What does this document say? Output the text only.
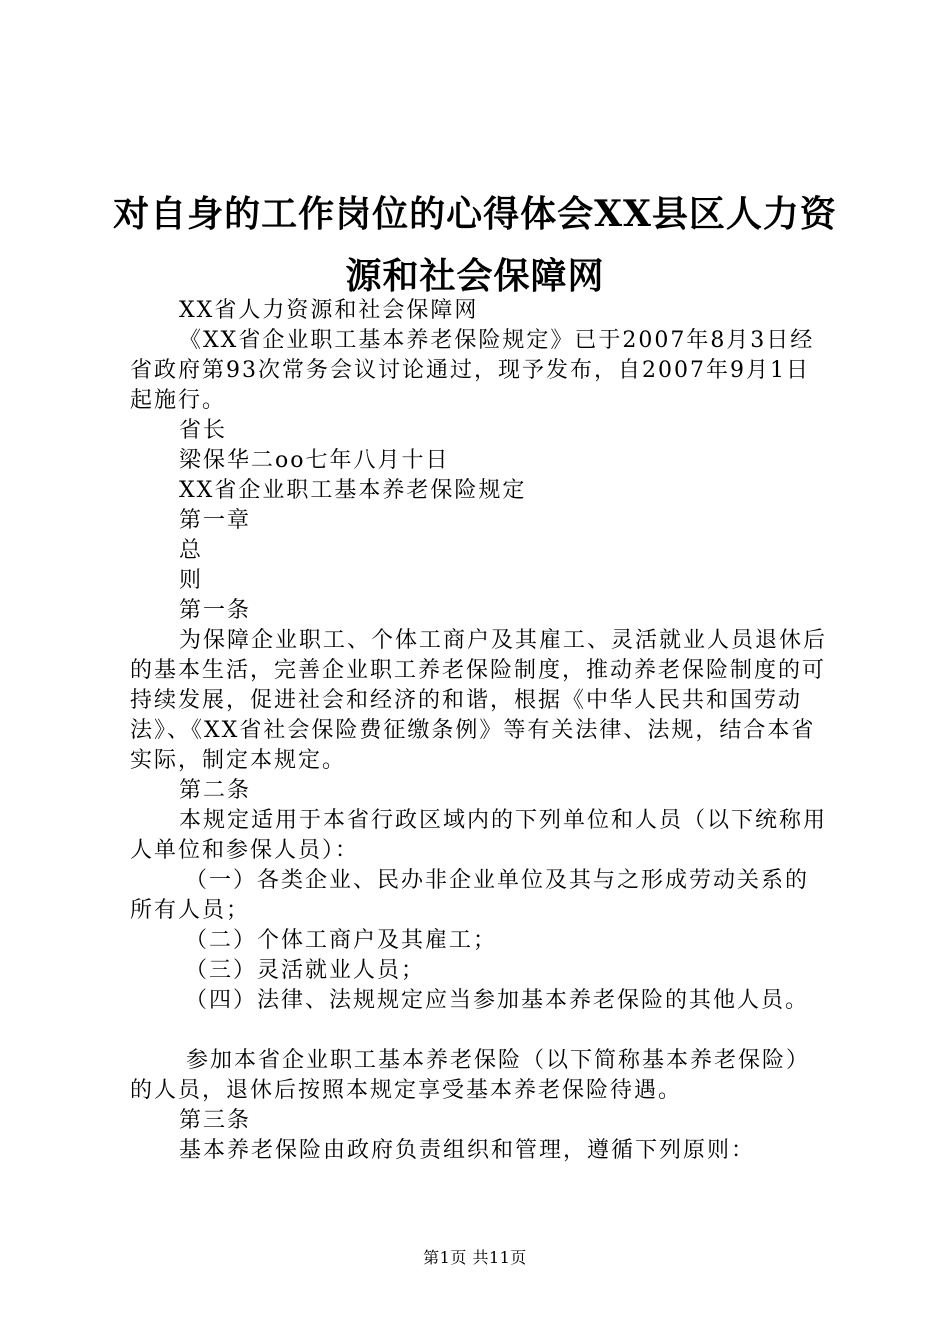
对自身的工作岗位的心得体会XX县区人力资
源和社会保障网

XX省人力资源和社会保障网

《XX省企业职工基本养老保险规定》已于2007年8月3日经省政府第93次常务会议讨论通过，现予发布，自2007年9月1日起施行。

省长

梁保华二oo七年八月十日

XX省企业职工基本养老保险规定

第一章

总

则

第一条

为保障企业职工、个体工商户及其雇工、灵活就业人员退休后的基本生活，完善企业职工养老保险制度，推动养老保险制度的可持续发展，促进社会和经济的和谐，根据《中华人民共和国劳动法》、《XX省社会保险费征缴条例》等有关法律、法规，结合本省实际，制定本规定。

第二条

本规定适用于本省行政区域内的下列单位和人员（以下统称用人单位和参保人员）：

（一）各类企业、民办非企业单位及其与之形成劳动关系的所有人员；

（二）个体工商户及其雇工；

（三）灵活就业人员；

（四）法律、法规规定应当参加基本养老保险的其他人员。

参加本省企业职工基本养老保险（以下简称基本养老保险）的人员，退休后按照本规定享受基本养老保险待遇。

第三条

基本养老保险由政府负责组织和管理，遵循下列原则：

第1页 共11页
